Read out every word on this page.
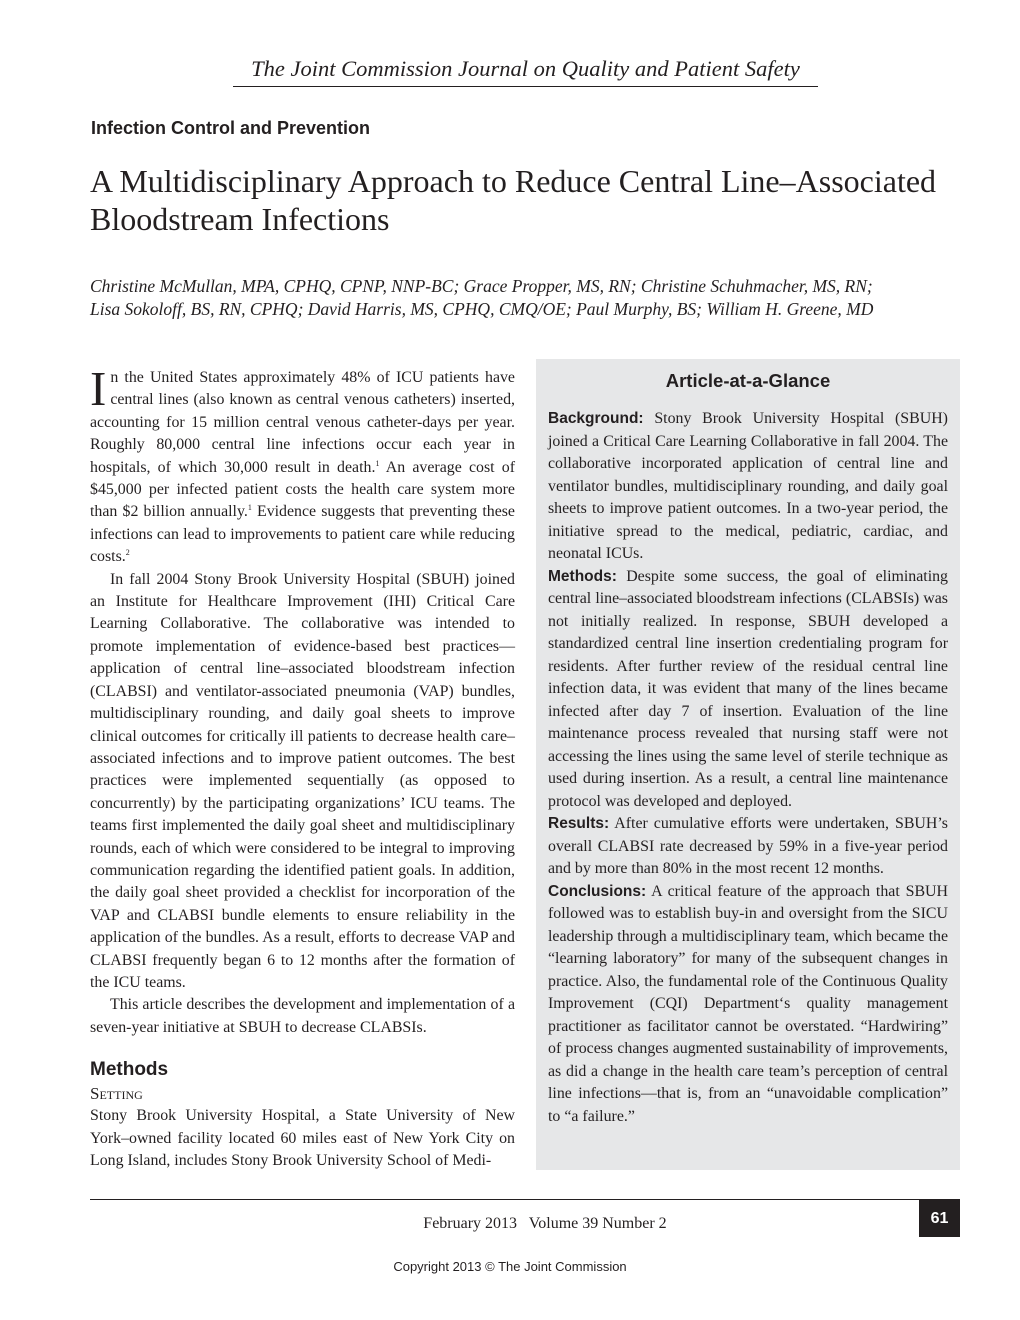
The Joint Commission Journal on Quality and Patient Safety
Infection Control and Prevention
A Multidisciplinary Approach to Reduce Central Line–Associated Bloodstream Infections
Christine McMullan, MPA, CPHQ, CPNP, NNP-BC; Grace Propper, MS, RN; Christine Schuhmacher, MS, RN;
Lisa Sokoloff, BS, RN, CPHQ; David Harris, MS, CPHQ, CMQ/OE; Paul Murphy, BS; William H. Greene, MD

In the United States approximately 48% of ICU patients have central lines (also known as central venous catheters) inserted, accounting for 15 million central venous catheter-days per year. Roughly 80,000 central line infections occur each year in hospitals, of which 30,000 result in death.$^1$ An average cost of $45,000 per infected patient costs the health care system more than $2 billion annually.$^1$ Evidence suggests that preventing these infections can lead to improvements to patient care while reducing costs.$^2$

In fall 2004 Stony Brook University Hospital (SBUH) joined an Institute for Healthcare Improvement (IHI) Critical Care Learning Collaborative. The collaborative was intended to promote implementation of evidence-based best practices—application of central line–associated bloodstream infection (CLABSI) and ventilator-associated pneumonia (VAP) bundles, multidisciplinary rounding, and daily goal sheets to improve clinical outcomes for critically ill patients to decrease health care–associated infections and to improve patient outcomes. The best practices were implemented sequentially (as opposed to concurrently) by the participating organizations’ ICU teams. The teams first implemented the daily goal sheet and multidisciplinary rounds, each of which were considered to be integral to improving communication regarding the identified patient goals. In addition, the daily goal sheet provided a checklist for incorporation of the VAP and CLABSI bundle elements to ensure reliability in the application of the bundles. As a result, efforts to decrease VAP and CLABSI frequently began 6 to 12 months after the formation of the ICU teams.

This article describes the development and implementation of a seven-year initiative at SBUH to decrease CLABSIs.

Methods
Setting

Stony Brook University Hospital, a State University of New York–owned facility located 60 miles east of New York City on Long Island, includes Stony Brook University School of Medi-

Article-at-a-Glance

Background: Stony Brook University Hospital (SBUH) joined a Critical Care Learning Collaborative in fall 2004. The collaborative incorporated application of central line and ventilator bundles, multidisciplinary rounding, and daily goal sheets to improve patient outcomes. In a two-year period, the initiative spread to the medical, pediatric, cardiac, and neonatal ICUs.

Methods: Despite some success, the goal of eliminating central line–associated bloodstream infections (CLABSIs) was not initially realized. In response, SBUH developed a standardized central line insertion credentialing program for residents. After further review of the residual central line infection data, it was evident that many of the lines became infected after day 7 of insertion. Evaluation of the line maintenance process revealed that nursing staff were not accessing the lines using the same level of sterile technique as used during insertion. As a result, a central line maintenance protocol was developed and deployed.

Results: After cumulative efforts were undertaken, SBUH’s overall CLABSI rate decreased by 59% in a five-year period and by more than 80% in the most recent 12 months.

Conclusions: A critical feature of the approach that SBUH followed was to establish buy-in and oversight from the SICU leadership through a multidisciplinary team, which became the “learning laboratory” for many of the subsequent changes in practice. Also, the fundamental role of the Continuous Quality Improvement (CQI) Department‘s quality management practitioner as facilitator cannot be overstated. “Hardwiring” of process changes augmented sustainability of improvements, as did a change in the health care team’s perception of central line infections—that is, from an “unavoidable complication” to “a failure.”

February 2013   Volume 39 Number 2	61
Copyright 2013 © The Joint Commission
